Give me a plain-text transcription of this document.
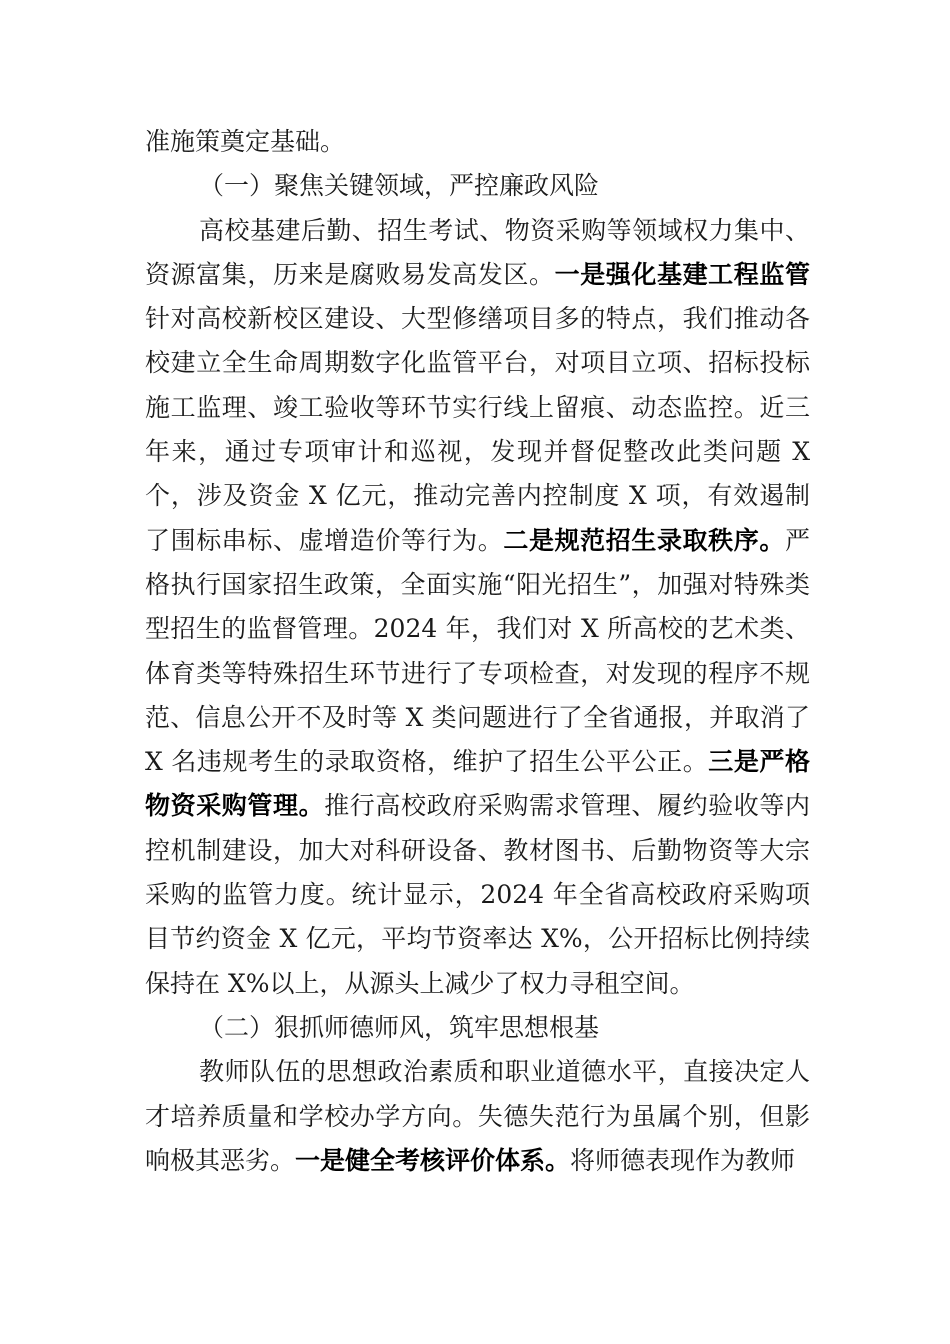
准施策奠定基础。

（一）聚焦关键领域，严控廉政风险

高校基建后勤、招生考试、物资采购等领域权力集中、资源富集，历来是腐败易发高发区。一是强化基建工程监管针对高校新校区建设、大型修缮项目多的特点，我们推动各校建立全生命周期数字化监管平台，对项目立项、招标投标施工监理、竣工验收等环节实行线上留痕、动态监控。近三年来，通过专项审计和巡视，发现并督促整改此类问题 X 个，涉及资金 X 亿元，推动完善内控制度 X 项，有效遏制了围标串标、虚增造价等行为。二是规范招生录取秩序。严格执行国家招生政策，全面实施“阳光招生”，加强对特殊类型招生的监督管理。2024 年，我们对 X 所高校的艺术类、体育类等特殊招生环节进行了专项检查，对发现的程序不规范、信息公开不及时等 X 类问题进行了全省通报，并取消了 X 名违规考生的录取资格，维护了招生公平公正。三是严格物资采购管理。推行高校政府采购需求管理、履约验收等内控机制建设，加大对科研设备、教材图书、后勤物资等大宗采购的监管力度。统计显示，2024 年全省高校政府采购项目节约资金 X 亿元，平均节资率达 X%，公开招标比例持续保持在 X%以上，从源头上减少了权力寻租空间。

（二）狠抓师德师风，筑牢思想根基

教师队伍的思想政治素质和职业道德水平，直接决定人才培养质量和学校办学方向。失德失范行为虽属个别，但影响极其恶劣。一是健全考核评价体系。将师德表现作为教师
